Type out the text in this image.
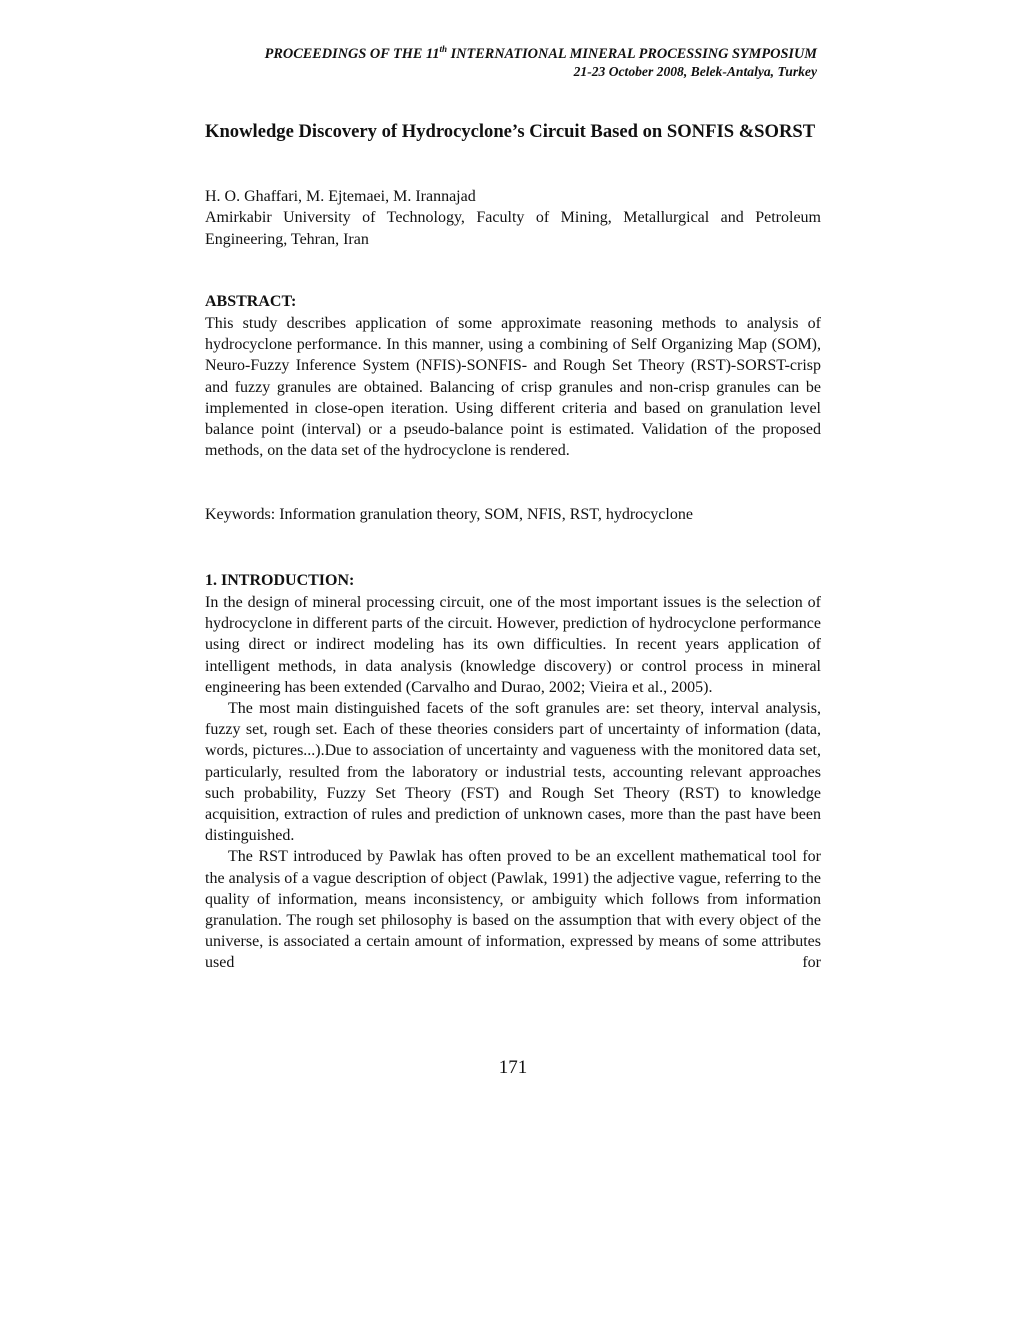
PROCEEDINGS OF THE 11th INTERNATIONAL MINERAL PROCESSING SYMPOSIUM
21-23 October 2008, Belek-Antalya, Turkey
Knowledge Discovery of Hydrocyclone’s Circuit Based on SONFIS &SORST
H. O. Ghaffari, M. Ejtemaei, M. Irannajad
Amirkabir University of Technology, Faculty of Mining, Metallurgical and Petroleum Engineering, Tehran, Iran
ABSTRACT:
This study describes application of some approximate reasoning methods to analysis of hydrocyclone performance. In this manner, using a combining of Self Organizing Map (SOM), Neuro-Fuzzy Inference System (NFIS)-SONFIS- and Rough Set Theory (RST)-SORST-crisp and fuzzy granules are obtained. Balancing of crisp granules and non-crisp granules can be implemented in close-open iteration. Using different criteria and based on granulation level balance point (interval) or a pseudo-balance point is estimated. Validation of the proposed methods, on the data set of the hydrocyclone is rendered.
Keywords: Information granulation theory, SOM, NFIS, RST, hydrocyclone
1. INTRODUCTION:

In the design of mineral processing circuit, one of the most important issues is the selection of hydrocyclone in different parts of the circuit. However, prediction of hydrocyclone performance using direct or indirect modeling has its own difficulties. In recent years application of intelligent methods, in data analysis (knowledge discovery) or control process in mineral engineering has been extended (Carvalho and Durao, 2002; Vieira et al., 2005).

The most main distinguished facets of the soft granules are: set theory, interval analysis, fuzzy set, rough set. Each of these theories considers part of uncertainty of information (data, words, pictures...).Due to association of uncertainty and vagueness with the monitored data set, particularly, resulted from the laboratory or industrial tests, accounting relevant approaches such probability, Fuzzy Set Theory (FST) and Rough Set Theory (RST) to knowledge acquisition, extraction of rules and prediction of unknown cases, more than the past have been distinguished.

The RST introduced by Pawlak has often proved to be an excellent mathematical tool for the analysis of a vague description of object (Pawlak, 1991) the adjective vague, referring to the quality of information, means inconsistency, or ambiguity which follows from information granulation. The rough set philosophy is based on the assumption that with every object of the universe, is associated a certain amount of information, expressed by means of some attributes used for

171
